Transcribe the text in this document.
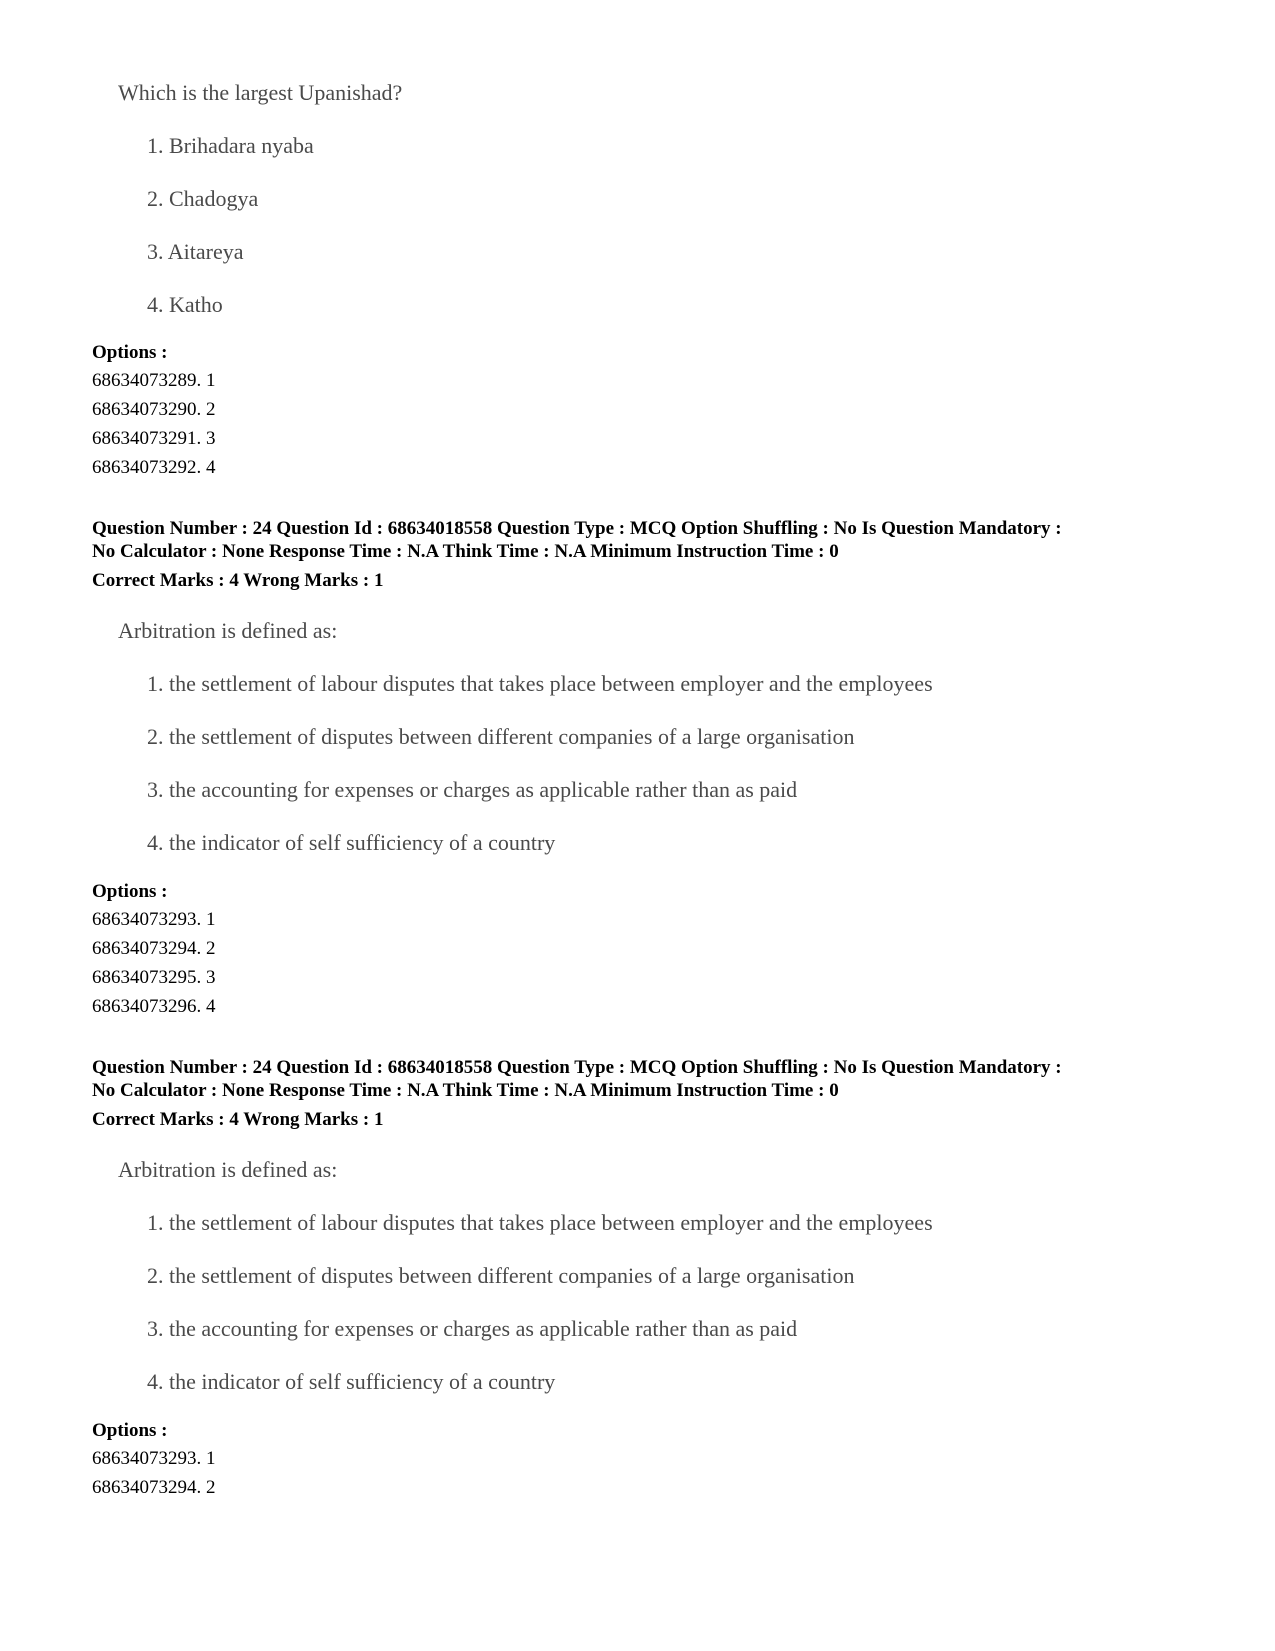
Which is the largest Upanishad?
1. Brihadara nyaba
2. Chadogya
3. Aitareya
4. Katho
Options :
68634073289. 1
68634073290. 2
68634073291. 3
68634073292. 4
Question Number : 24 Question Id : 68634018558 Question Type : MCQ Option Shuffling : No Is Question Mandatory :
No Calculator : None Response Time : N.A Think Time : N.A Minimum Instruction Time : 0
Correct Marks : 4 Wrong Marks : 1
Arbitration is defined as:
1. the settlement of labour disputes that takes place between employer and the employees
2. the settlement of disputes between different companies of a large organisation
3. the accounting for expenses or charges as applicable rather than as paid
4. the indicator of self sufficiency of a country
Options :
68634073293. 1
68634073294. 2
68634073295. 3
68634073296. 4
Question Number : 24 Question Id : 68634018558 Question Type : MCQ Option Shuffling : No Is Question Mandatory :
No Calculator : None Response Time : N.A Think Time : N.A Minimum Instruction Time : 0
Correct Marks : 4 Wrong Marks : 1
Arbitration is defined as:
1. the settlement of labour disputes that takes place between employer and the employees
2. the settlement of disputes between different companies of a large organisation
3. the accounting for expenses or charges as applicable rather than as paid
4. the indicator of self sufficiency of a country
Options :
68634073293. 1
68634073294. 2
